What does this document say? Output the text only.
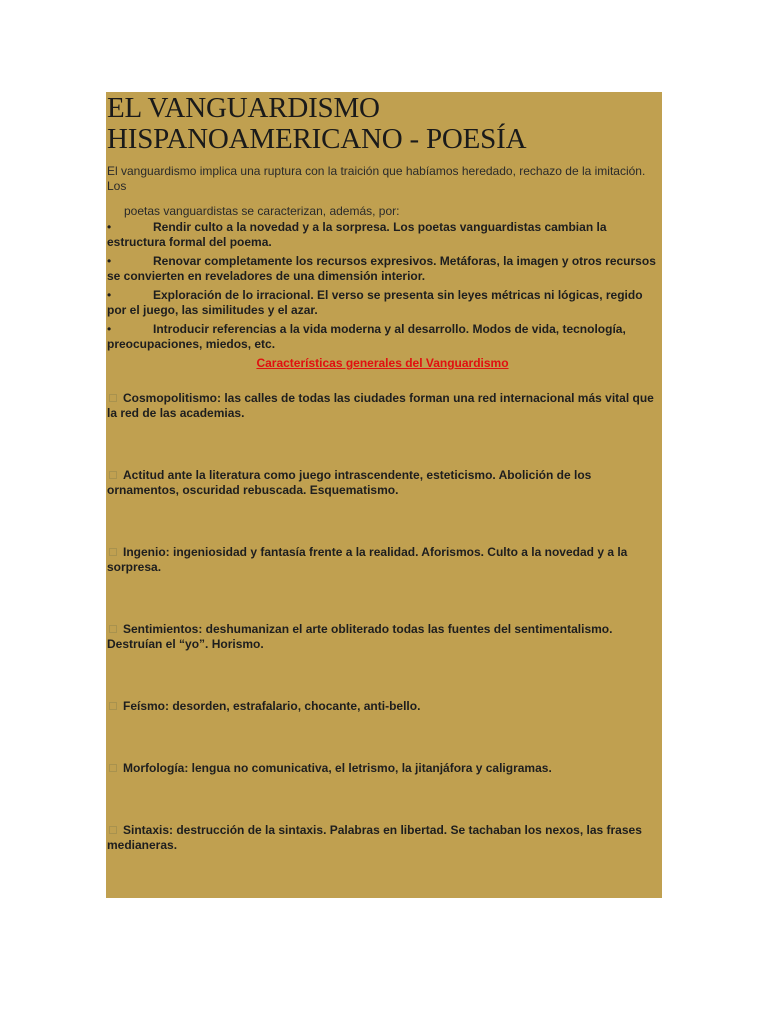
EL VANGUARDISMO
HISPANOAMERICANO - POESÍA
El vanguardismo implica una ruptura con la traición que habíamos heredado, rechazo de la imitación. Los
poetas vanguardistas se caracterizan, además, por:
•	Rendir culto a la novedad y a la sorpresa. Los poetas vanguardistas cambian la estructura formal del poema.
•	Renovar completamente los recursos expresivos. Metáforas, la imagen y otros recursos se convierten en reveladores de una dimensión interior.
•	Exploración de lo irracional. El verso se presenta sin leyes métricas ni lógicas, regido por el juego, las similitudes y el azar.
•	Introducir referencias a la vida moderna y al desarrollo. Modos de vida, tecnología, preocupaciones, miedos, etc.
Características generales del Vanguardismo
Cosmopolitismo: las calles de todas las ciudades forman una red internacional más vital que la red de las academias.
Actitud ante la literatura como juego intrascendente, esteticismo. Abolición de los ornamentos, oscuridad rebuscada. Esquematismo.
Ingenio: ingeniosidad y fantasía frente a la realidad. Aforismos. Culto a la novedad y a la sorpresa.
Sentimientos: deshumanizan el arte obliterado todas las fuentes del sentimentalismo. Destruían el “yo”. Horismo.
Feísmo: desorden, estrafalario, chocante, anti-bello.
Morfología: lengua no comunicativa, el letrismo, la jitanjáfora y caligramas.
Sintaxis: destrucción de la sintaxis. Palabras en libertad. Se tachaban los nexos, las frases medianeras.
